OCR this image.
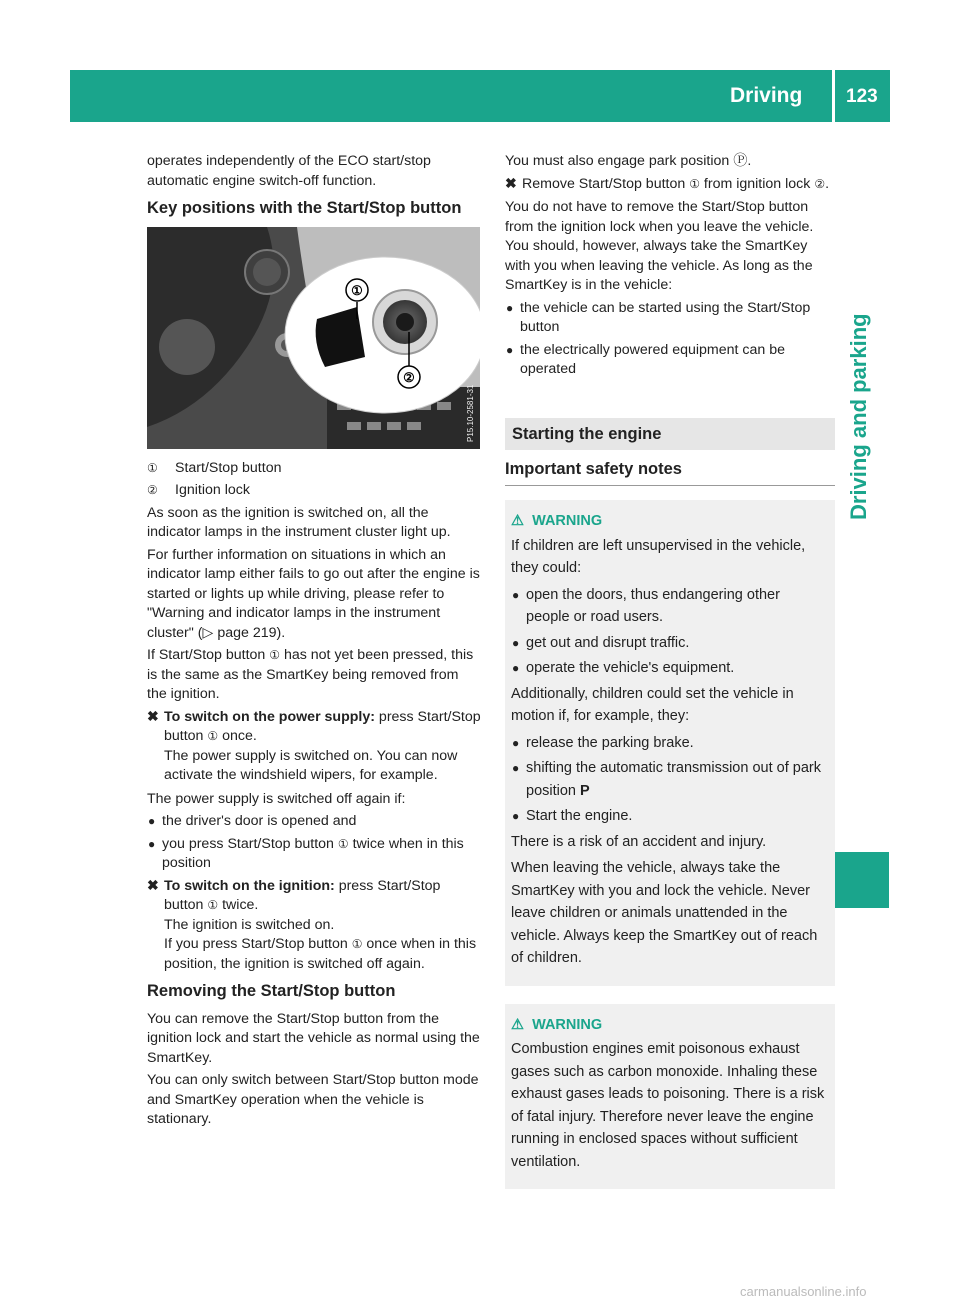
Driving 123
Driving and parking

operates independently of the ECO start/stop automatic engine switch-off function.

Key positions with the Start/Stop button
①
②
P15.10-2581-31
① Start/Stop button
② Ignition lock

As soon as the ignition is switched on, all the indicator lamps in the instrument cluster light up.

For further information on situations in which an indicator lamp either fails to go out after the engine is started or lights up while driving, please refer to "Warning and indicator lamps in the instrument cluster" (▷ page 219).

If Start/Stop button ① has not yet been pressed, this is the same as the SmartKey being removed from the ignition.

✖ To switch on the power supply: press Start/Stop button ① once.
The power supply is switched on. You can now activate the windshield wipers, for example.

The power supply is switched off again if:

● the driver's door is opened and
● you press Start/Stop button ① twice when in this position
✖ To switch on the ignition: press Start/Stop button ① twice.
The ignition is switched on.
If you press Start/Stop button ① once when in this position, the ignition is switched off again.
Removing the Start/Stop button

You can remove the Start/Stop button from the ignition lock and start the vehicle as normal using the SmartKey.

You can only switch between Start/Stop button mode and SmartKey operation when the vehicle is stationary.

You must also engage park position Ⓟ.

✖ Remove Start/Stop button ① from ignition lock ②.

You do not have to remove the Start/Stop button from the ignition lock when you leave the vehicle. You should, however, always take the SmartKey with you when leaving the vehicle. As long as the SmartKey is in the vehicle:

● the vehicle can be started using the Start/Stop button
● the electrically powered equipment can be operated
Starting the engine
Important safety notes
⚠ WARNING

If children are left unsupervised in the vehicle, they could:

● open the doors, thus endangering other people or road users.
● get out and disrupt traffic.
● operate the vehicle's equipment.

Additionally, children could set the vehicle in motion if, for example, they:

● release the parking brake.
● shifting the automatic transmission out of park position P
● Start the engine.

There is a risk of an accident and injury.

When leaving the vehicle, always take the SmartKey with you and lock the vehicle. Never leave children or animals unattended in the vehicle. Always keep the SmartKey out of reach of children.

⚠ WARNING

Combustion engines emit poisonous exhaust gases such as carbon monoxide. Inhaling these exhaust gases leads to poisoning. There is a risk of fatal injury. Therefore never leave the engine running in enclosed spaces without sufficient ventilation.

carmanualsonline.info
